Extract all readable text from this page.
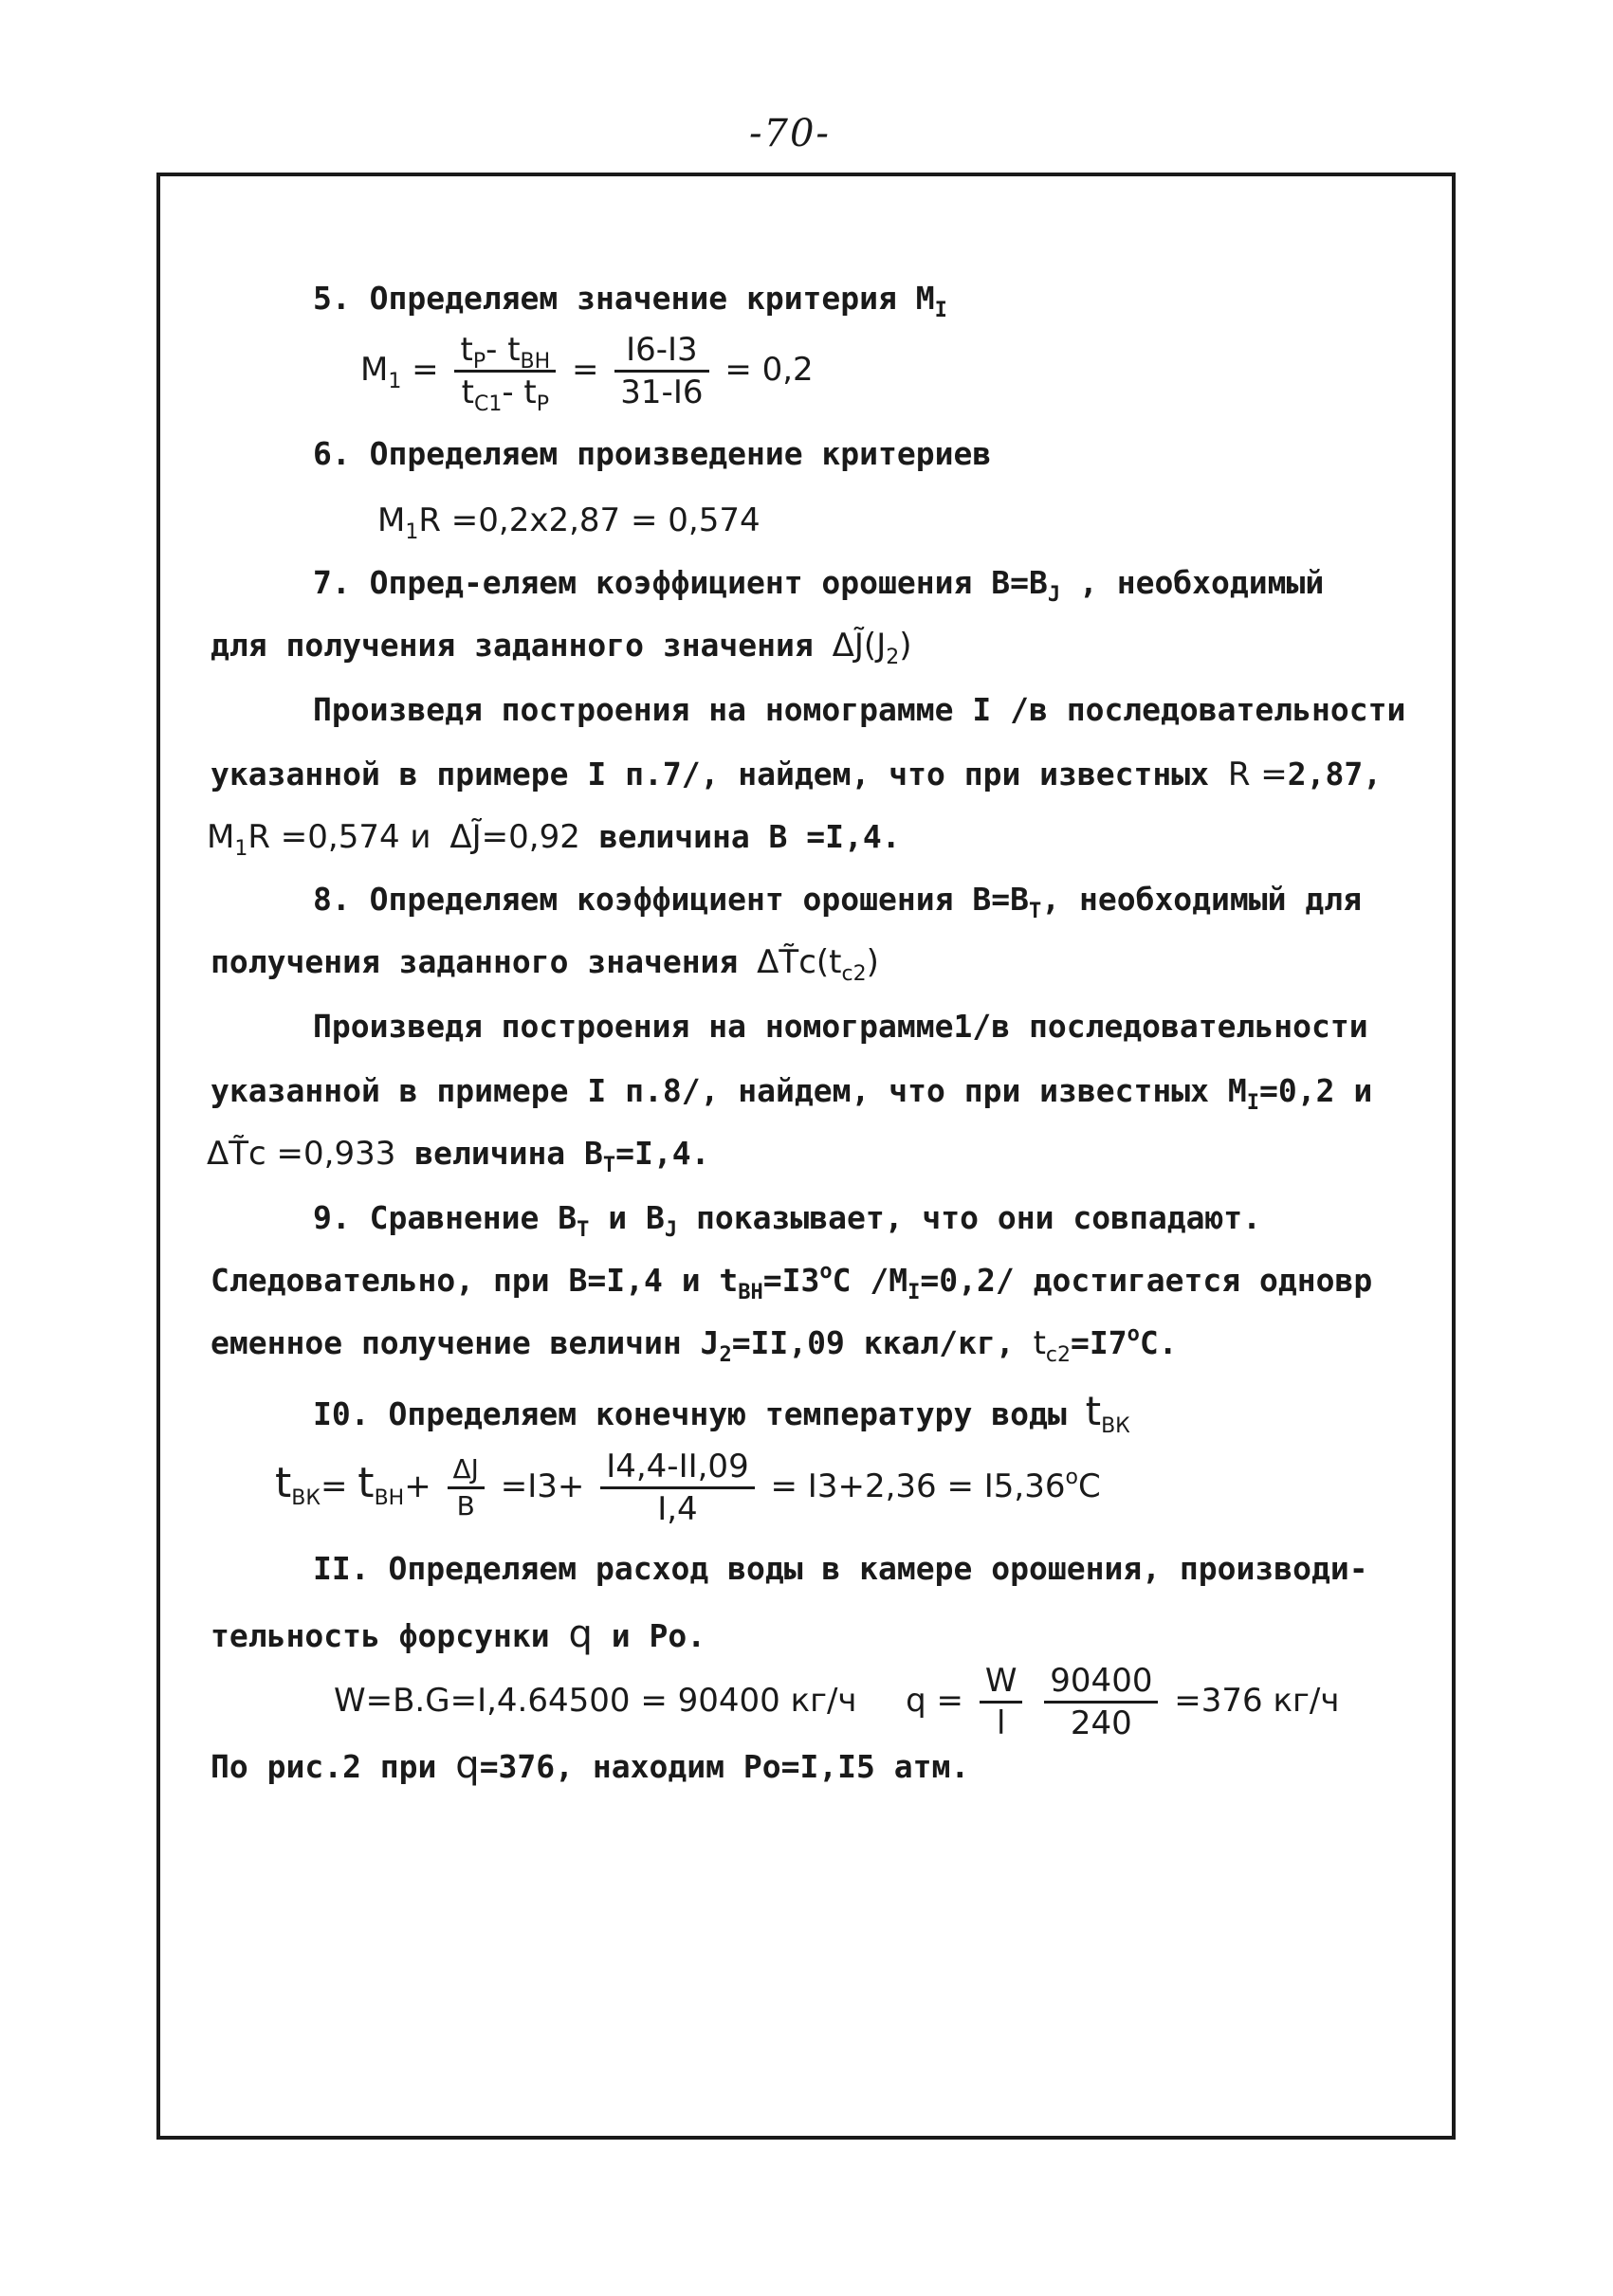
-70-
5. Определяем значение критерия $M_I$
$M_1 = \frac{t_P- t_{ВН}}{t_{C1}- t_P} = \frac{I6-I3}{31-I6} = 0,2$
6. Определяем произведение критериев
$M_1R =0,2x2,87 = 0,574$
7. Опред-еляем коэффициент орошения $B=B_J$ , необходимый
для получения заданного значения $\Delta J̃(J_2)$
Произведя построения на номограмме I /в последовательности
указанной в примере I п.7/, найдем, что при известных R =2,87,
$M_1R =0,574$ и ΔJ̃=0,92 величина B =I,4.
8. Определяем коэффициент орошения $B=B_T$, необходимый для
получения заданного значения $\Delta T̃c(t_{c2})$
Произведя построения на номограмме1/в последовательности
указанной в примере I п.8/, найдем, что при известных $M_I=0,2$ и
ΔT̃c =0,933 величина $B_T=I,4$.
9. Сравнение $B_T$ и $B_J$ показывает, что они совпадают.
Следовательно, при B=I,4 и $t_{ВН}=I3^oC$ $/M_I=0,2/$ достигается одновр
еменное получение величин $J_2=II,09$ ккал/кг, $t_{c2}=I7^oC$.
I0. Определяем конечную температуру воды $t_{ВК}$
$t_{ВК}= t_{ВН}+ \frac{\Delta J}{B} =I3+ \frac{I4,4-II,09}{I,4} = I3+2,36 = I5,36^oC$
II. Определяем расход воды в камере орошения, производи-
тельность форсунки q и Po.
W=B.G=I,4.64500 = 90400 кг/ч $q = \frac{W}{l}$
$\frac{90400}{240} =376$ кг/ч
По рис.2 при q=376, находим Po=I,I5 атм.
